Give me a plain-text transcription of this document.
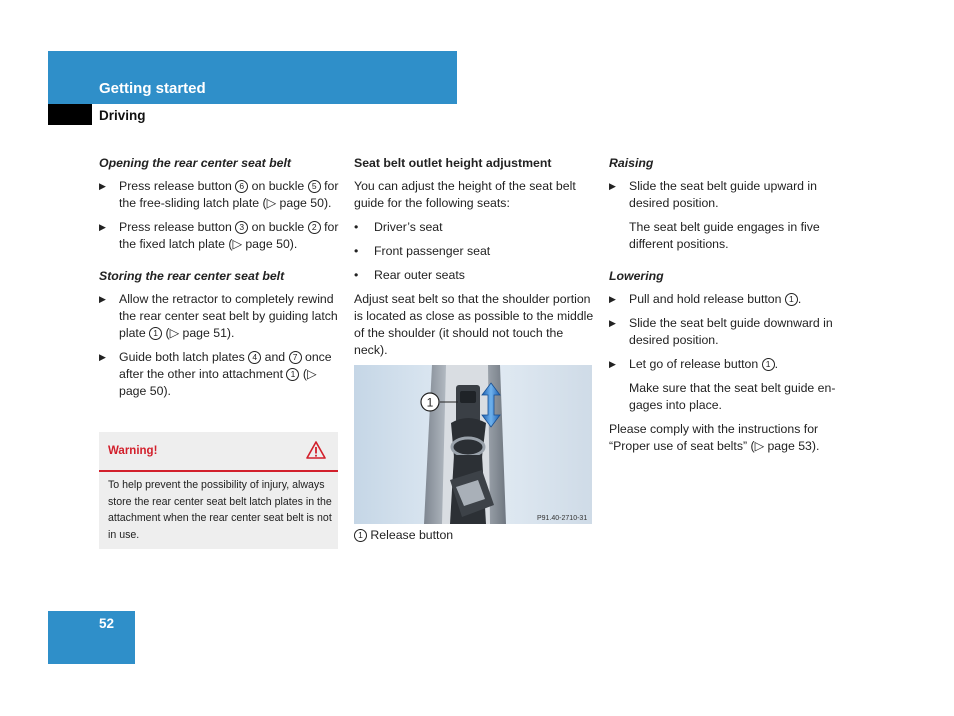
Getting started
Driving
Opening the rear center seat belt
▶ Press release button 6 on buckle 5 for the free-sliding latch plate (▷ page 50).
▶ Press release button 3 on buckle 2 for the fixed latch plate (▷ page 50).
Storing the rear center seat belt
▶ Allow the retractor to completely rewind the rear center seat belt by guiding latch plate 1 (▷ page 51).
▶ Guide both latch plates 4 and 7 once after the other into attachment 1 (▷ page 50).
Warning!
To help prevent the possibility of injury, always store the rear center seat belt latch plates in the attachment when the rear center seat belt is not in use.
Seat belt outlet height adjustment

You can adjust the height of the seat belt guide for the following seats:

• Driver’s seat
• Front passenger seat
• Rear outer seats

Adjust seat belt so that the shoulder portion is located as close as possible to the middle of the shoulder (it should not touch the neck).

1
P91.40-2710-31
1 Release button
Raising
▶ Slide the seat belt guide upward in desired position.

The seat belt guide engages in five different positions.

Lowering
▶ Pull and hold release button 1 .
▶ Slide the seat belt guide downward in desired position.
▶ Let go of release button 1 .

Make sure that the seat belt guide en-gages into place.

Please comply with the instructions for “Proper use of seat belts” (▷ page 53).

52
